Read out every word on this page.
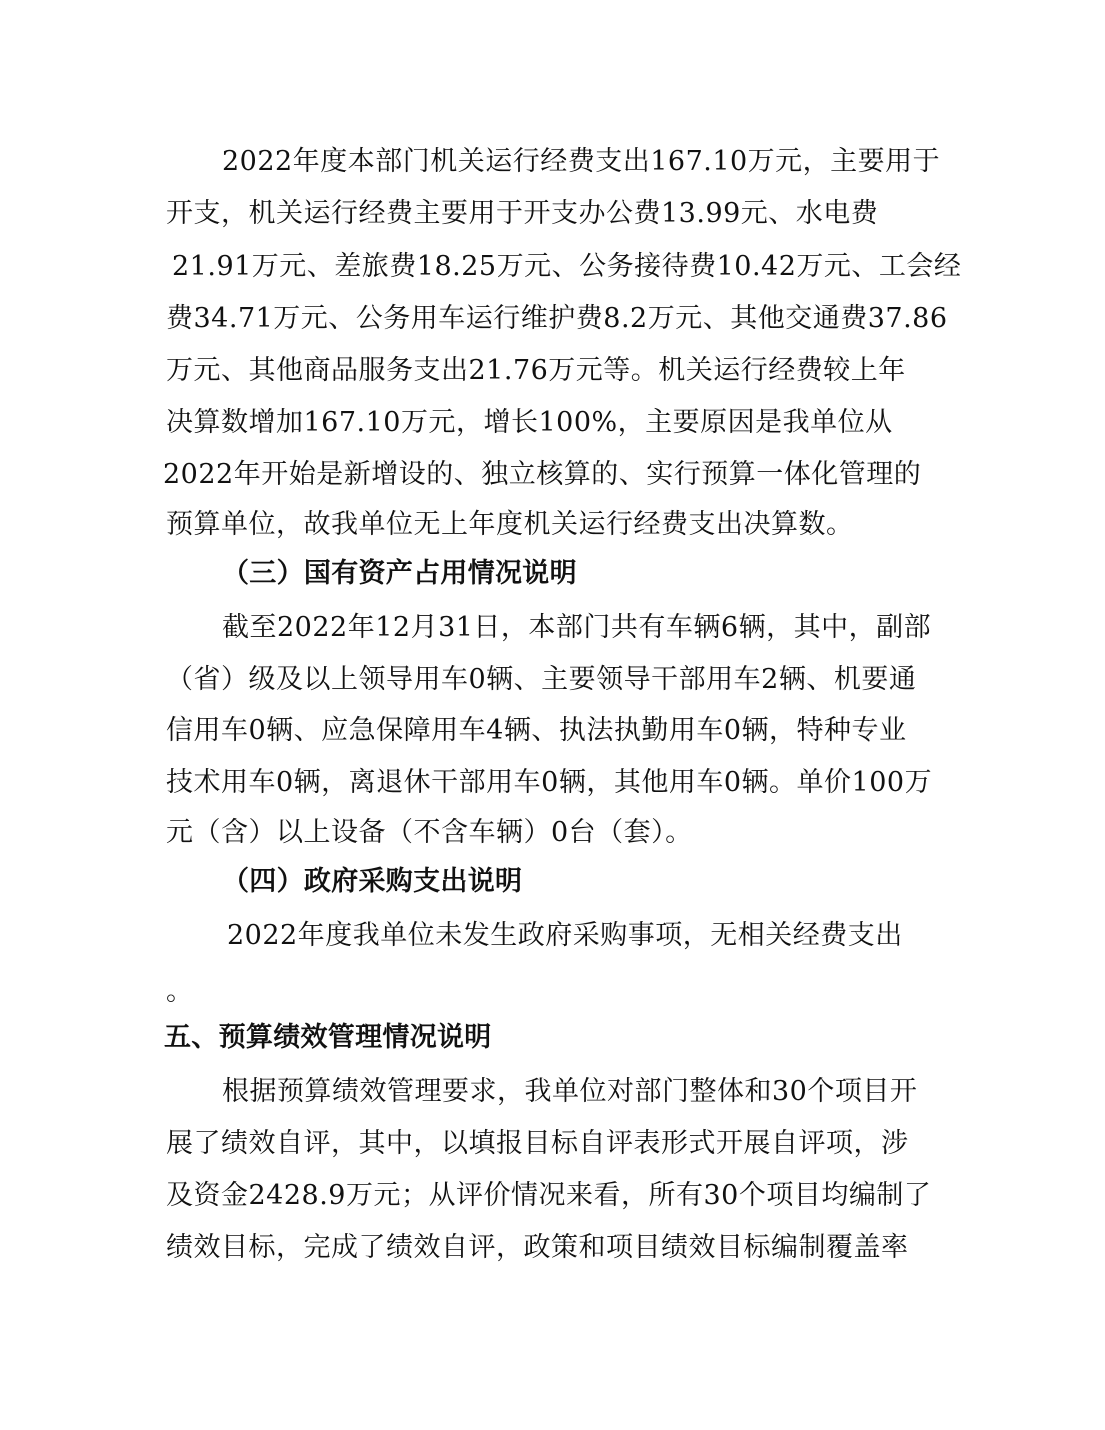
2022年度本部门机关运行经费支出167.10万元，主要用于
开支，机关运行经费主要用于开支办公费13.99元、水电费
21.91万元、差旅费18.25万元、公务接待费10.42万元、工会经
费34.71万元、公务用车运行维护费8.2万元、其他交通费37.86
万元、其他商品服务支出21.76万元等。机关运行经费较上年
决算数增加167.10万元，增长100%，主要原因是我单位从
2022年开始是新增设的、独立核算的、实行预算一体化管理的
预算单位，故我单位无上年度机关运行经费支出决算数。
（三）国有资产占用情况说明
截至2022年12月31日，本部门共有车辆6辆，其中，副部
（省）级及以上领导用车0辆、主要领导干部用车2辆、机要通
信用车0辆、应急保障用车4辆、执法执勤用车0辆，特种专业
技术用车0辆，离退休干部用车0辆，其他用车0辆。单价100万
元（含）以上设备（不含车辆）0台（套）。
（四）政府采购支出说明
2022年度我单位未发生政府采购事项，无相关经费支出
。
五、预算绩效管理情况说明
根据预算绩效管理要求，我单位对部门整体和30个项目开
展了绩效自评，其中，以填报目标自评表形式开展自评项，涉
及资金2428.9万元；从评价情况来看，所有30个项目均编制了
绩效目标，完成了绩效自评，政策和项目绩效目标编制覆盖率
